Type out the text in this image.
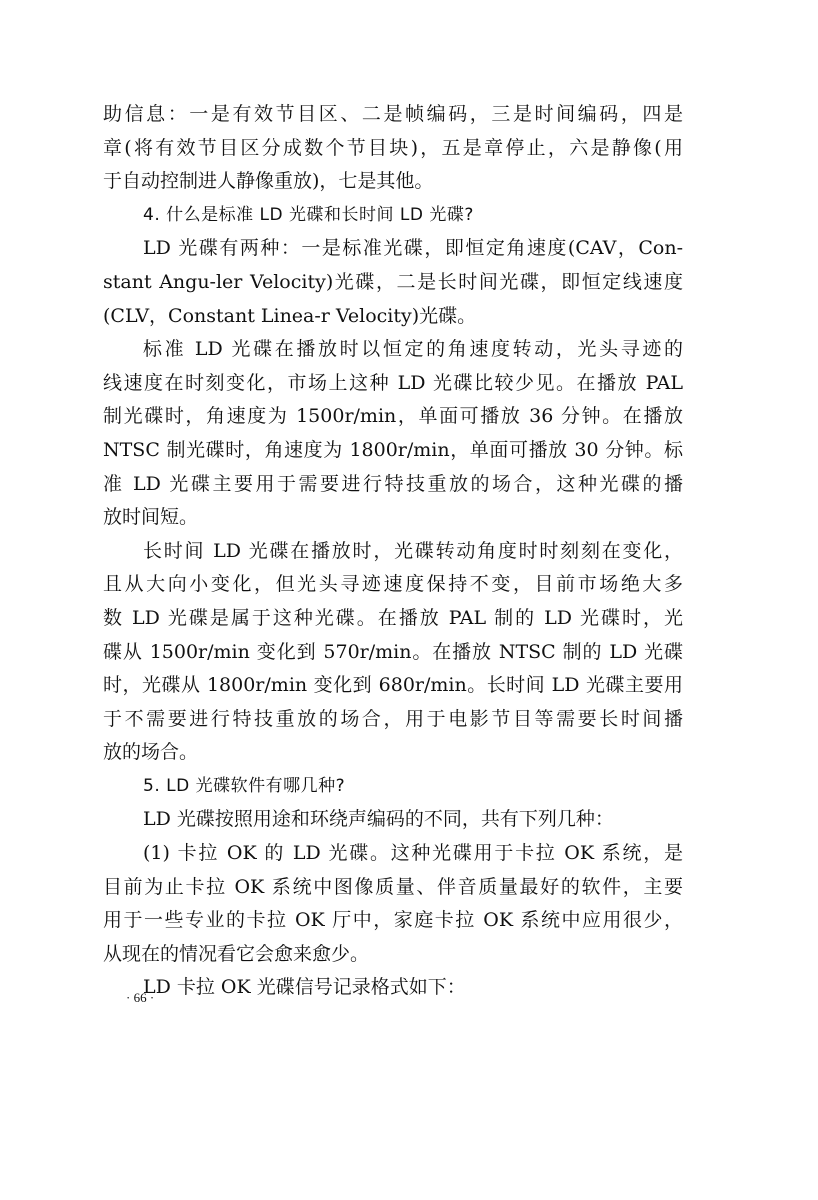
助信息：一是有效节目区、二是帧编码，三是时间编码，四是
章(将有效节目区分成数个节目块)，五是章停止，六是静像(用
于自动控制进人静像重放)，七是其他。
4. 什么是标准 LD 光碟和长时间 LD 光碟?
LD 光碟有两种：一是标准光碟，即恒定角速度(CAV，Con-
stant Angu-ler Velocity)光碟，二是长时间光碟，即恒定线速度
(CLV，Constant Linea-r Velocity)光碟。
标准 LD 光碟在播放时以恒定的角速度转动，光头寻迹的
线速度在时刻变化，市场上这种 LD 光碟比较少见。在播放 PAL
制光碟时，角速度为 1500r/min，单面可播放 36 分钟。在播放
NTSC 制光碟时，角速度为 1800r/min，单面可播放 30 分钟。标
准 LD 光碟主要用于需要进行特技重放的场合，这种光碟的播
放时间短。
长时间 LD 光碟在播放时，光碟转动角度时时刻刻在变化，
且从大向小变化，但光头寻迹速度保持不变，目前市场绝大多
数 LD 光碟是属于这种光碟。在播放 PAL 制的 LD 光碟时，光
碟从 1500r/min 变化到 570r/min。在播放 NTSC 制的 LD 光碟
时，光碟从 1800r/min 变化到 680r/min。长时间 LD 光碟主要用
于不需要进行特技重放的场合，用于电影节目等需要长时间播
放的场合。
5. LD 光碟软件有哪几种?
LD 光碟按照用途和环绕声编码的不同，共有下列几种：
(1) 卡拉 OK 的 LD 光碟。这种光碟用于卡拉 OK 系统，是
目前为止卡拉 OK 系统中图像质量、伴音质量最好的软件，主要
用于一些专业的卡拉 OK 厅中，家庭卡拉 OK 系统中应用很少，
从现在的情况看它会愈来愈少。
LD 卡拉 OK 光碟信号记录格式如下：
· 66 ·
